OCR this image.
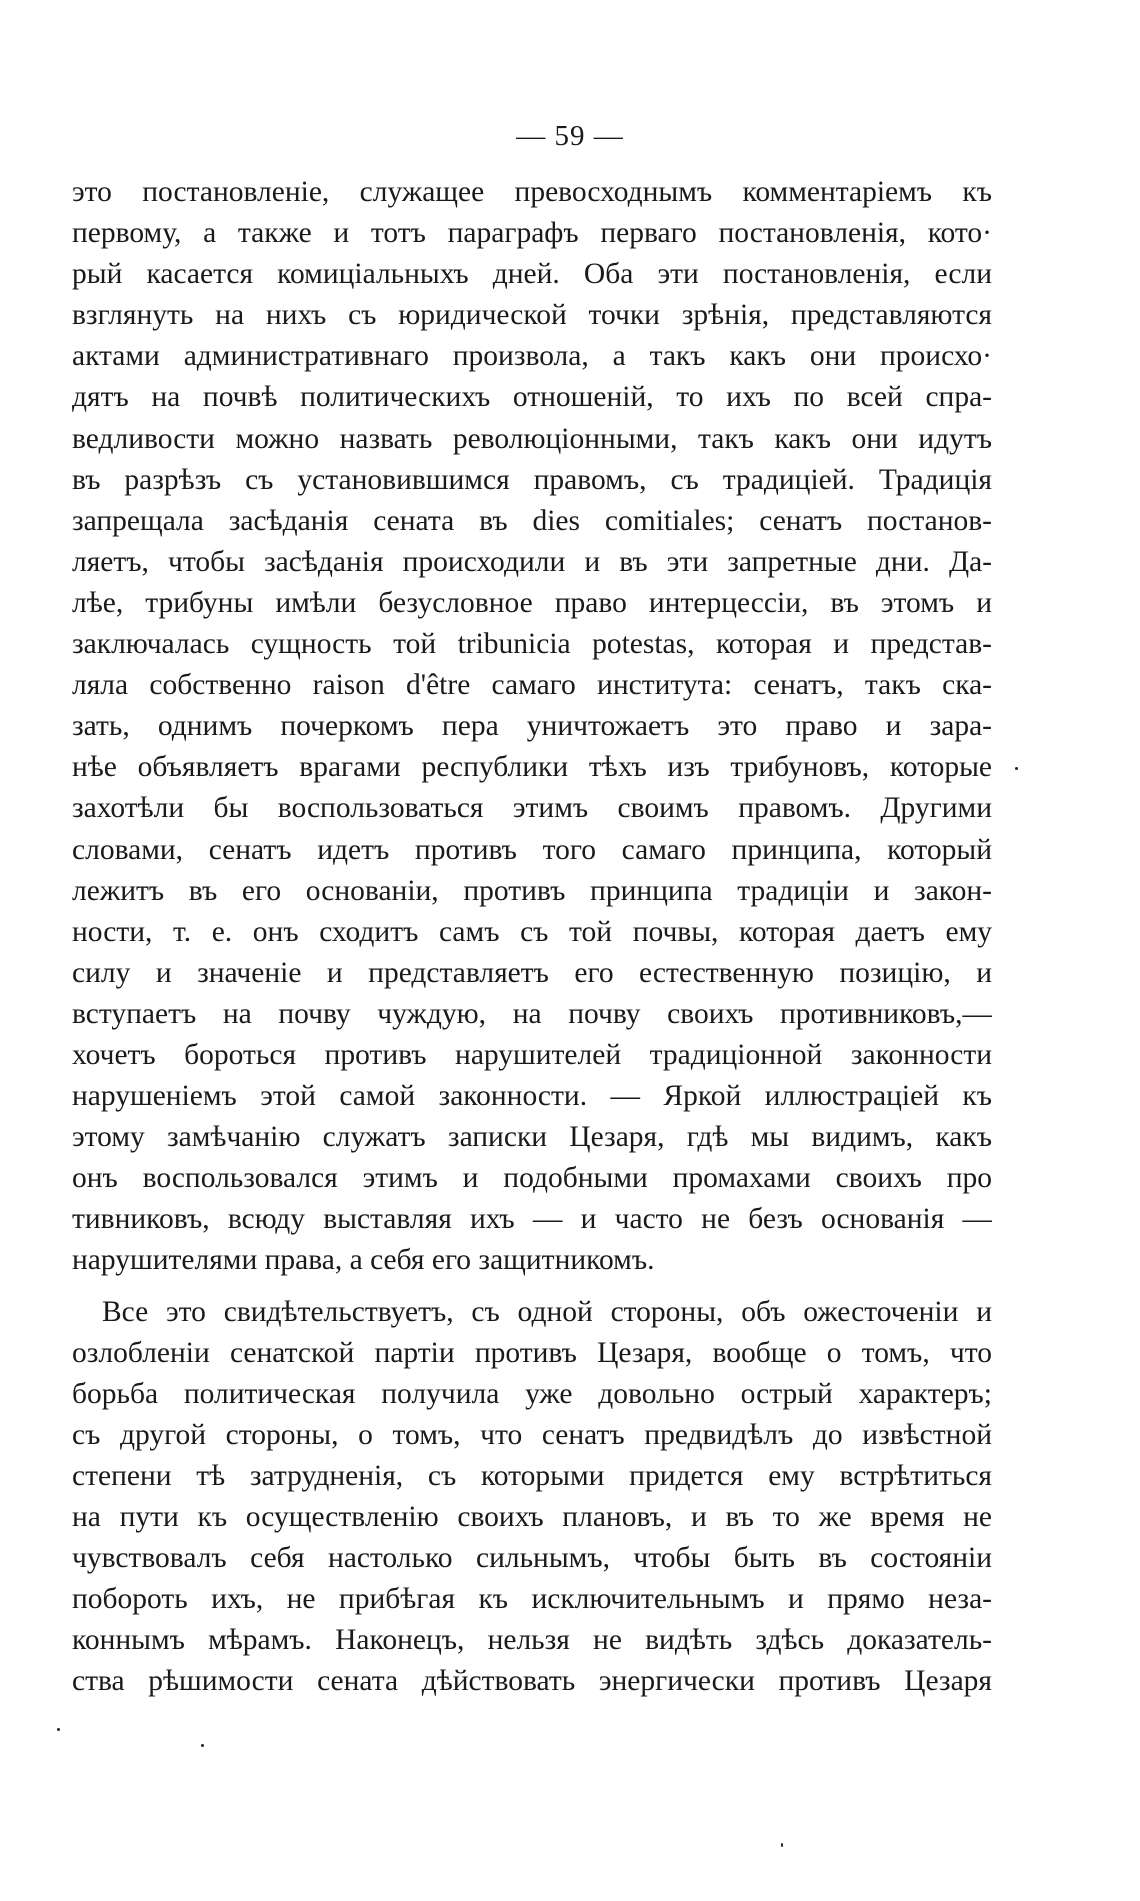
— 59 —
это постановленіе, служащее превосходнымъ комментаріемъ къ
первому, а также и тотъ параграфъ перваго постановленія, кото·
рый касается комиціальныхъ дней. Оба эти постановленія, если
взглянуть на нихъ съ юридической точки зрѣнія, представляются
актами административнаго произвола, а такъ какъ они происхо·
дятъ на почвѣ политическихъ отношеній, то ихъ по всей спра-
ведливости можно назвать революціонными, такъ какъ они идутъ
въ разрѣзъ съ установившимся правомъ, съ традиціей. Традиція
запрещала засѣданія сената въ dies comitiales; сенатъ постанов-
ляетъ, чтобы засѣданія происходили и въ эти запретные дни. Да-
лѣе, трибуны имѣли безусловное право интерцессіи, въ этомъ и
заключалась сущность той tribunicia potestas, которая и представ-
ляла собственно raison d'être самаго института: сенатъ, такъ ска-
зать, однимъ почеркомъ пера уничтожаетъ это право и зара-
нѣе объявляетъ врагами республики тѣхъ изъ трибуновъ, которые
захотѣли бы воспользоваться этимъ своимъ правомъ. Другими
словами, сенатъ идетъ противъ того самаго принципа, который
лежитъ въ его основаніи, противъ принципа традиціи и закон-
ности, т. е. онъ сходитъ самъ съ той почвы, которая даетъ ему
силу и значеніе и представляетъ его естественную позицію, и
вступаетъ на почву чуждую, на почву своихъ противниковъ,—
хочетъ бороться противъ нарушителей традиціонной законности
нарушеніемъ этой самой законности. — Яркой иллюстраціей къ
этому замѣчанію служатъ записки Цезаря, гдѣ мы видимъ, какъ
онъ воспользовался этимъ и подобными промахами своихъ про
тивниковъ, всюду выставляя ихъ — и часто не безъ основанія —
нарушителями права, а себя его защитникомъ.
Все это свидѣтельствуетъ, съ одной стороны, объ ожесточеніи и
озлобленіи сенатской партіи противъ Цезаря, вообще о томъ, что
борьба политическая получила уже довольно острый характеръ;
съ другой стороны, о томъ, что сенатъ предвидѣлъ до извѣстной
степени тѣ затрудненія, съ которыми придется ему встрѣтиться
на пути къ осуществленію своихъ плановъ, и въ то же время не
чувствовалъ себя настолько сильнымъ, чтобы быть въ состояніи
побороть ихъ, не прибѣгая къ исключительнымъ и прямо неза-
коннымъ мѣрамъ. Наконецъ, нельзя не видѣть здѣсь доказатель-
ства рѣшимости сената дѣйствовать энергически противъ Цезаря
